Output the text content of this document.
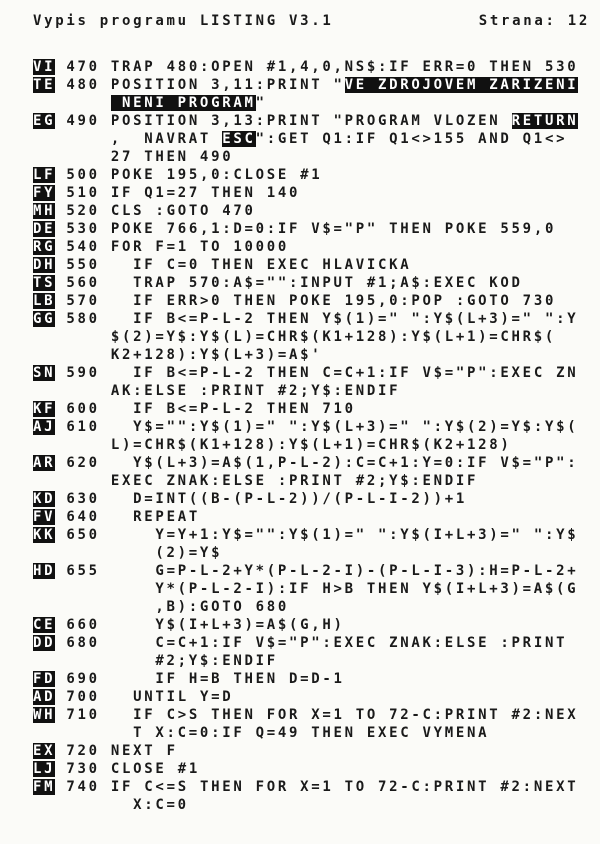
Vypis programu LISTING V3.1	Strana: 12
VI 470 TRAP 480:OPEN #1,4,0,NS$:IF ERR=0 THEN 530
TE 480 POSITION 3,11:PRINT "VE ZDROJOVEM ZARIZENI
NENI PROGRAM"
EG 490 POSITION 3,13:PRINT "PROGRAM VLOZEN RETURN
,  NAVRAT ESC":GET Q1:IF Q1<>155 AND Q1<>
27 THEN 490
LF 500 POKE 195,0:CLOSE #1
FY 510 IF Q1=27 THEN 140
MH 520 CLS :GOTO 470
DE 530 POKE 766,1:D=0:IF V$="P" THEN POKE 559,0
RG 540 FOR F=1 TO 10000
DH 550   IF C=0 THEN EXEC HLAVICKA
TS 560   TRAP 570:A$="":INPUT #1;A$:EXEC KOD
LB 570   IF ERR>0 THEN POKE 195,0:POP :GOTO 730
GG 580   IF B<=P-L-2 THEN Y$(1)=" ":Y$(L+3)=" ":Y
$(2)=Y$:Y$(L)=CHR$(K1+128):Y$(L+1)=CHR$(
K2+128):Y$(L+3)=A$'
SN 590   IF B<=P-L-2 THEN C=C+1:IF V$="P":EXEC ZN
AK:ELSE :PRINT #2;Y$:ENDIF
KF 600   IF B<=P-L-2 THEN 710
AJ 610   Y$="":Y$(1)=" ":Y$(L+3)=" ":Y$(2)=Y$:Y$(
L)=CHR$(K1+128):Y$(L+1)=CHR$(K2+128)
AR 620   Y$(L+3)=A$(1,P-L-2):C=C+1:Y=0:IF V$="P":
EXEC ZNAK:ELSE :PRINT #2;Y$:ENDIF
KD 630   D=INT((B-(P-L-2))/(P-L-I-2))+1
FV 640   REPEAT
KK 650     Y=Y+1:Y$="":Y$(1)=" ":Y$(I+L+3)=" ":Y$
(2)=Y$
HD 655     G=P-L-2+Y*(P-L-2-I)-(P-L-I-3):H=P-L-2+
Y*(P-L-2-I):IF H>B THEN Y$(I+L+3)=A$(G
,B):GOTO 680
CE 660     Y$(I+L+3)=A$(G,H)
DD 680     C=C+1:IF V$="P":EXEC ZNAK:ELSE :PRINT
#2;Y$:ENDIF
FD 690     IF H=B THEN D=D-1
AD 700   UNTIL Y=D
WH 710   IF C>S THEN FOR X=1 TO 72-C:PRINT #2:NEX
T X:C=0:IF Q=49 THEN EXEC VYMENA
EX 720 NEXT F
LJ 730 CLOSE #1
FM 740 IF C<=S THEN FOR X=1 TO 72-C:PRINT #2:NEXT
X:C=0
